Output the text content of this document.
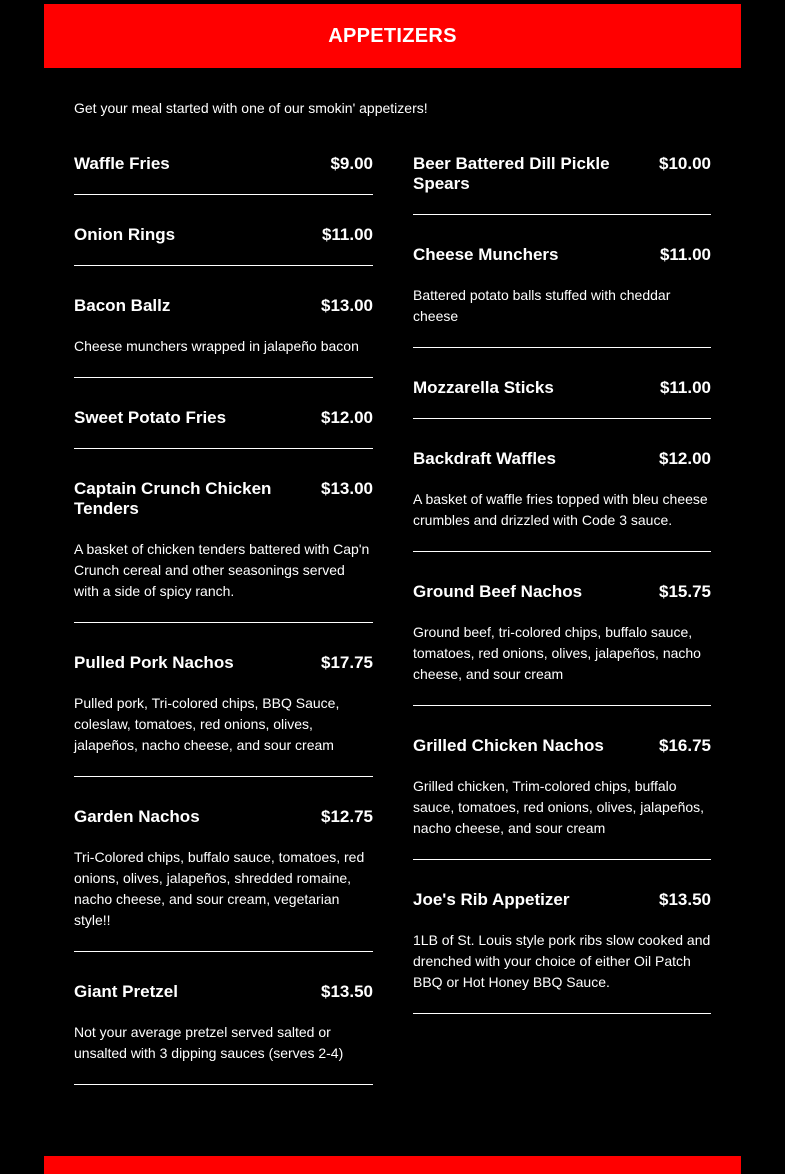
APPETIZERS
Get your meal started with one of our smokin' appetizers!
Waffle Fries	$9.00
Onion Rings	$11.00
Bacon Ballz	$13.00
Cheese munchers wrapped in jalapeño bacon
Sweet Potato Fries	$12.00
Captain Crunch Chicken Tenders
$13.00
A basket of chicken tenders battered with Cap'n Crunch cereal and other seasonings served with a side of spicy ranch.
Pulled Pork Nachos	$17.75
Pulled pork, Tri-colored chips, BBQ Sauce, coleslaw, tomatoes, red onions, olives, jalapeños, nacho cheese, and sour cream
Garden Nachos	$12.75
Tri-Colored chips, buffalo sauce, tomatoes, red onions, olives, jalapeños, shredded romaine, nacho cheese, and sour cream, vegetarian style!!
Giant Pretzel	$13.50
Not your average pretzel served salted or unsalted with 3 dipping sauces (serves 2-4)
Beer Battered Dill Pickle Spears
$10.00
Cheese Munchers	$11.00
Battered potato balls stuffed with cheddar cheese
Mozzarella Sticks	$11.00
Backdraft Waffles	$12.00
A basket of waffle fries topped with bleu cheese crumbles and drizzled with Code 3 sauce.
Ground Beef Nachos	$15.75
Ground beef, tri-colored chips, buffalo sauce, tomatoes, red onions, olives, jalapeños, nacho cheese, and sour cream
Grilled Chicken Nachos	$16.75
Grilled chicken, Trim-colored chips, buffalo sauce, tomatoes, red onions, olives, jalapeños, nacho cheese, and sour cream
Joe's Rib Appetizer	$13.50
1LB of St. Louis style pork ribs slow cooked and drenched with your choice of either Oil Patch BBQ or Hot Honey BBQ Sauce.
